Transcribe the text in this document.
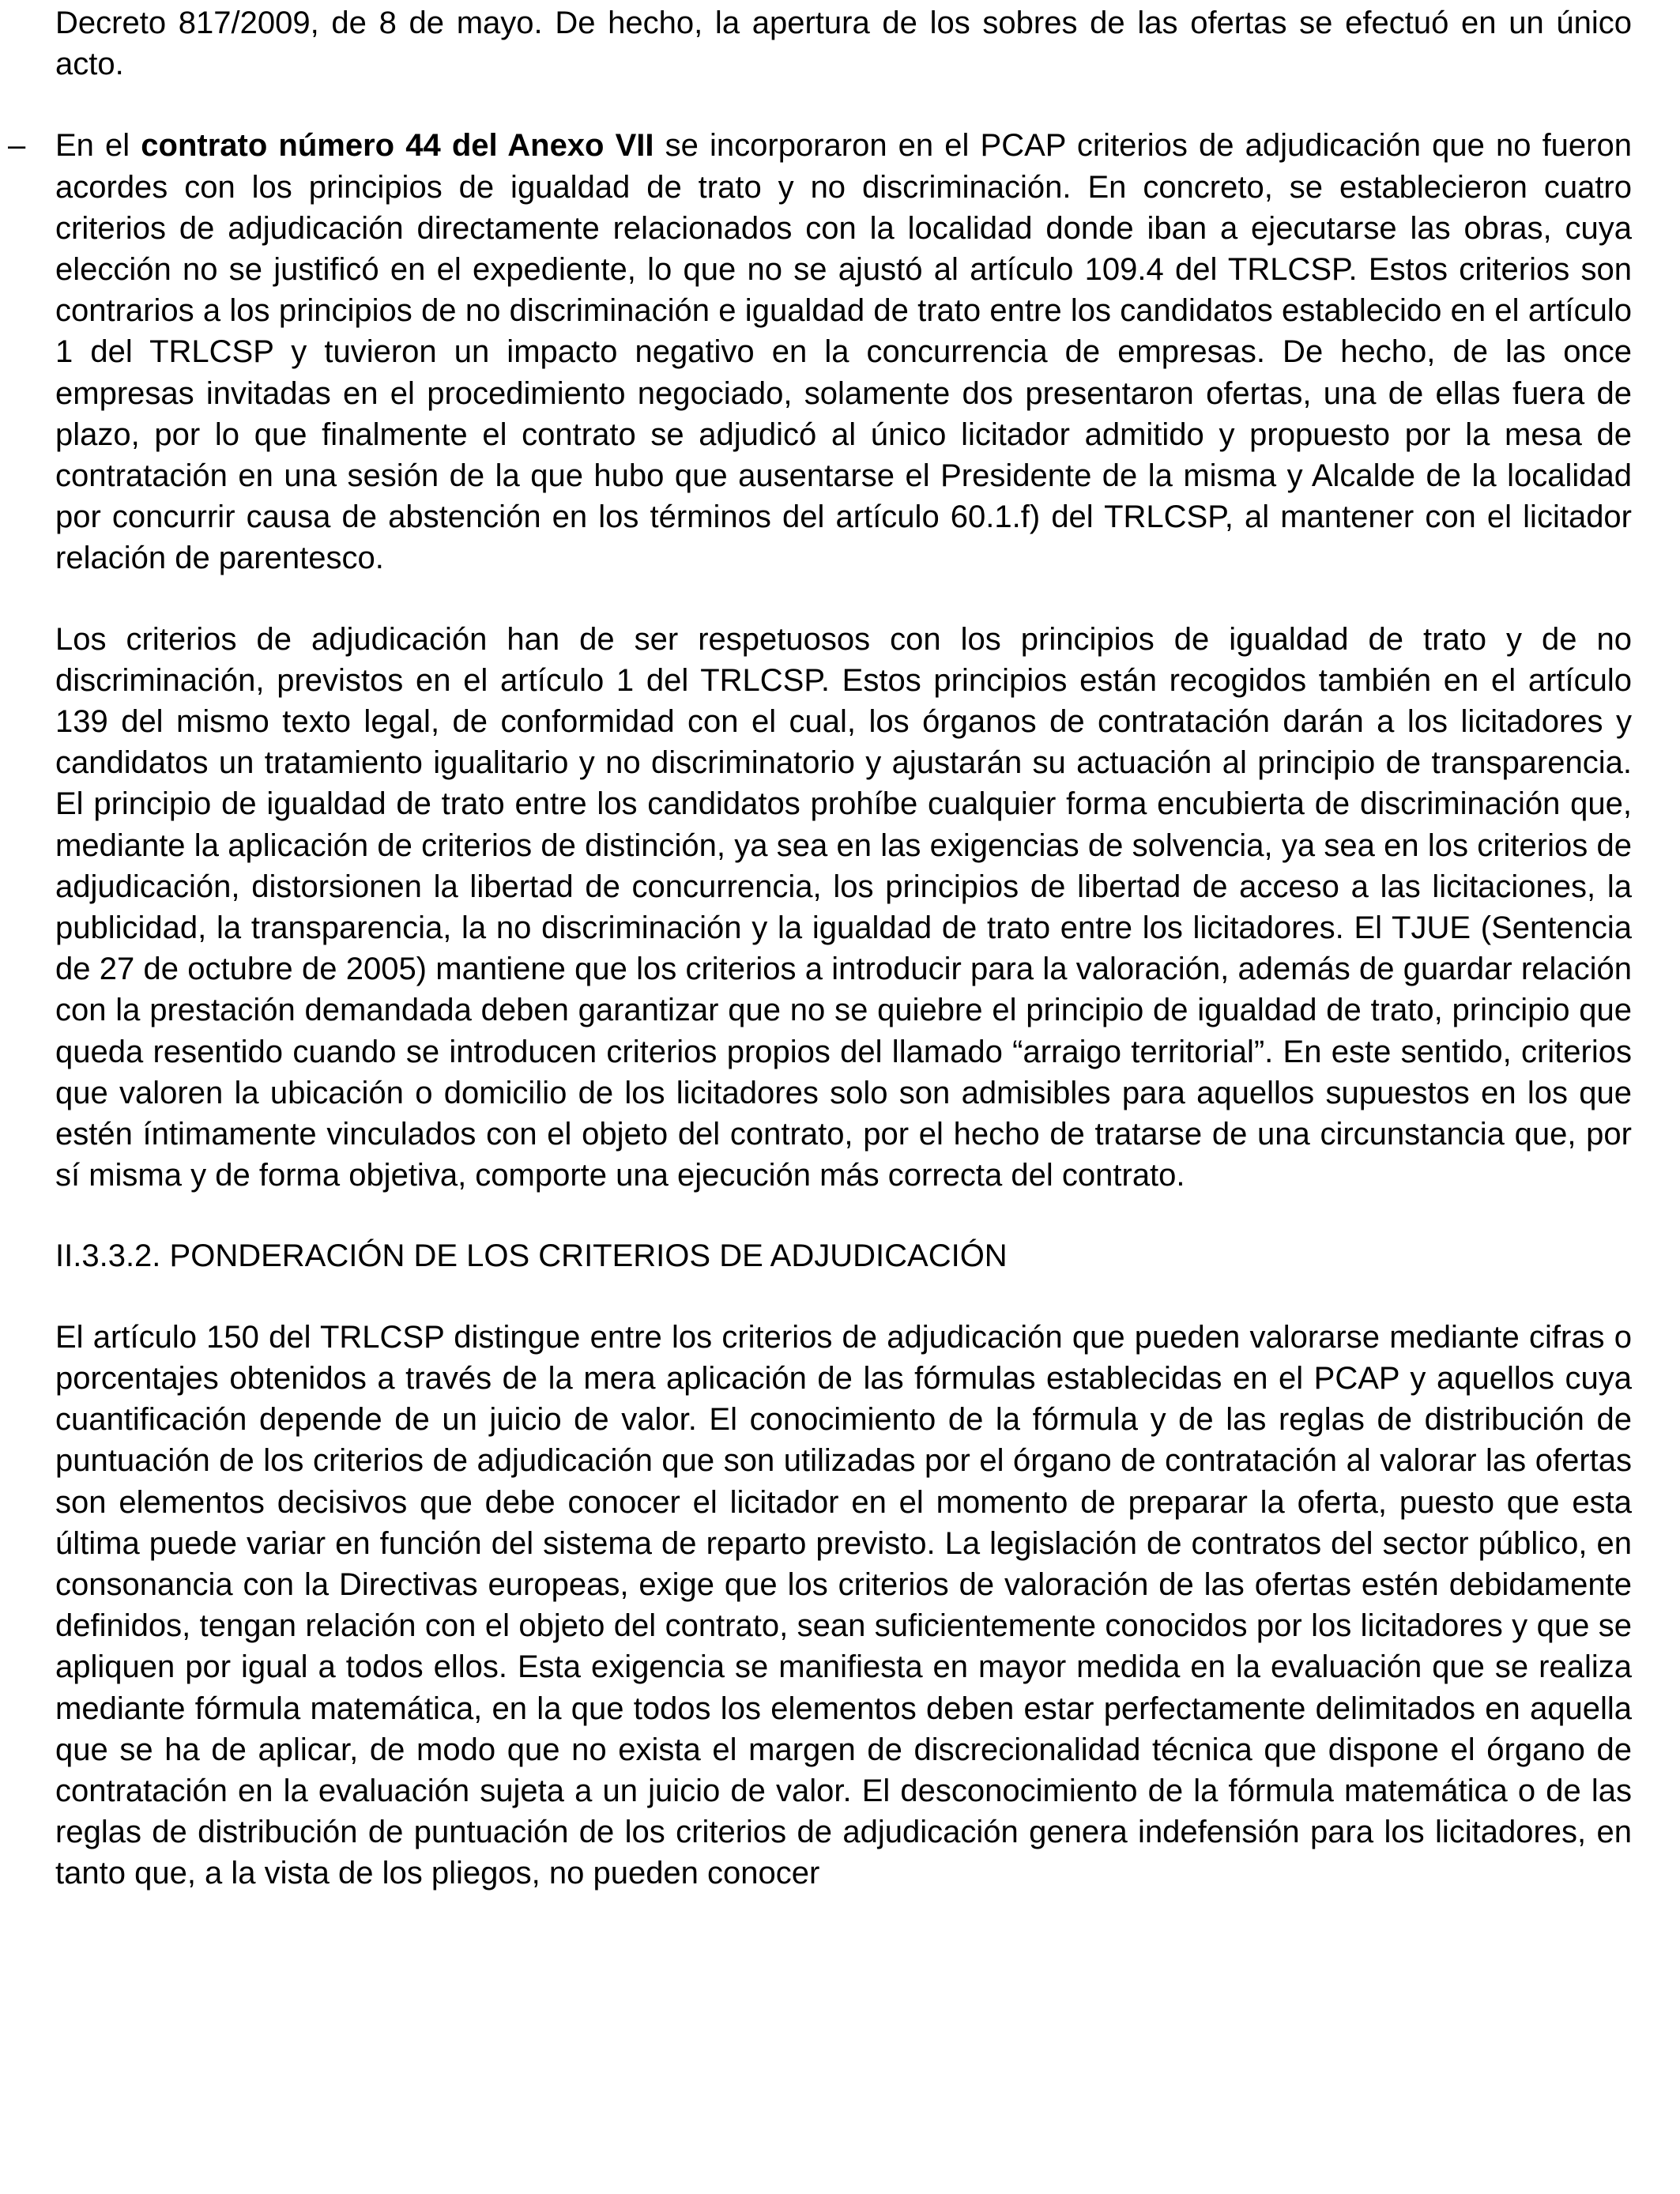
Decreto 817/2009, de 8 de mayo. De hecho, la apertura de los sobres de las ofertas se efectuó en un único acto.

– En el contrato número 44 del Anexo VII se incorporaron en el PCAP criterios de adjudicación que no fueron acordes con los principios de igualdad de trato y no discriminación. En concreto, se establecieron cuatro criterios de adjudicación directamente relacionados con la localidad donde iban a ejecutarse las obras, cuya elección no se justificó en el expediente, lo que no se ajustó al artículo 109.4 del TRLCSP. Estos criterios son contrarios a los principios de no discriminación e igualdad de trato entre los candidatos establecido en el artículo 1 del TRLCSP y tuvieron un impacto negativo en la concurrencia de empresas. De hecho, de las once empresas invitadas en el procedimiento negociado, solamente dos presentaron ofertas, una de ellas fuera de plazo, por lo que finalmente el contrato se adjudicó al único licitador admitido y propuesto por la mesa de contratación en una sesión de la que hubo que ausentarse el Presidente de la misma y Alcalde de la localidad por concurrir causa de abstención en los términos del artículo 60.1.f) del TRLCSP, al mantener con el licitador relación de parentesco.

Los criterios de adjudicación han de ser respetuosos con los principios de igualdad de trato y de no discriminación, previstos en el artículo 1 del TRLCSP. Estos principios están recogidos también en el artículo 139 del mismo texto legal, de conformidad con el cual, los órganos de contratación darán a los licitadores y candidatos un tratamiento igualitario y no discriminatorio y ajustarán su actuación al principio de transparencia. El principio de igualdad de trato entre los candidatos prohíbe cualquier forma encubierta de discriminación que, mediante la aplicación de criterios de distinción, ya sea en las exigencias de solvencia, ya sea en los criterios de adjudicación, distorsionen la libertad de concurrencia, los principios de libertad de acceso a las licitaciones, la publicidad, la transparencia, la no discriminación y la igualdad de trato entre los licitadores. El TJUE (Sentencia de 27 de octubre de 2005) mantiene que los criterios a introducir para la valoración, además de guardar relación con la prestación demandada deben garantizar que no se quiebre el principio de igualdad de trato, principio que queda resentido cuando se introducen criterios propios del llamado “arraigo territorial”. En este sentido, criterios que valoren la ubicación o domicilio de los licitadores solo son admisibles para aquellos supuestos en los que estén íntimamente vinculados con el objeto del contrato, por el hecho de tratarse de una circunstancia que, por sí misma y de forma objetiva, comporte una ejecución más correcta del contrato.

II.3.3.2. PONDERACIÓN DE LOS CRITERIOS DE ADJUDICACIÓN

El artículo 150 del TRLCSP distingue entre los criterios de adjudicación que pueden valorarse mediante cifras o porcentajes obtenidos a través de la mera aplicación de las fórmulas establecidas en el PCAP y aquellos cuya cuantificación depende de un juicio de valor. El conocimiento de la fórmula y de las reglas de distribución de puntuación de los criterios de adjudicación que son utilizadas por el órgano de contratación al valorar las ofertas son elementos decisivos que debe conocer el licitador en el momento de preparar la oferta, puesto que esta última puede variar en función del sistema de reparto previsto. La legislación de contratos del sector público, en consonancia con la Directivas europeas, exige que los criterios de valoración de las ofertas estén debidamente definidos, tengan relación con el objeto del contrato, sean suficientemente conocidos por los licitadores y que se apliquen por igual a todos ellos. Esta exigencia se manifiesta en mayor medida en la evaluación que se realiza mediante fórmula matemática, en la que todos los elementos deben estar perfectamente delimitados en aquella que se ha de aplicar, de modo que no exista el margen de discrecionalidad técnica que dispone el órgano de contratación en la evaluación sujeta a un juicio de valor. El desconocimiento de la fórmula matemática o de las reglas de distribución de puntuación de los criterios de adjudicación genera indefensión para los licitadores, en tanto que, a la vista de los pliegos, no pueden conocer
